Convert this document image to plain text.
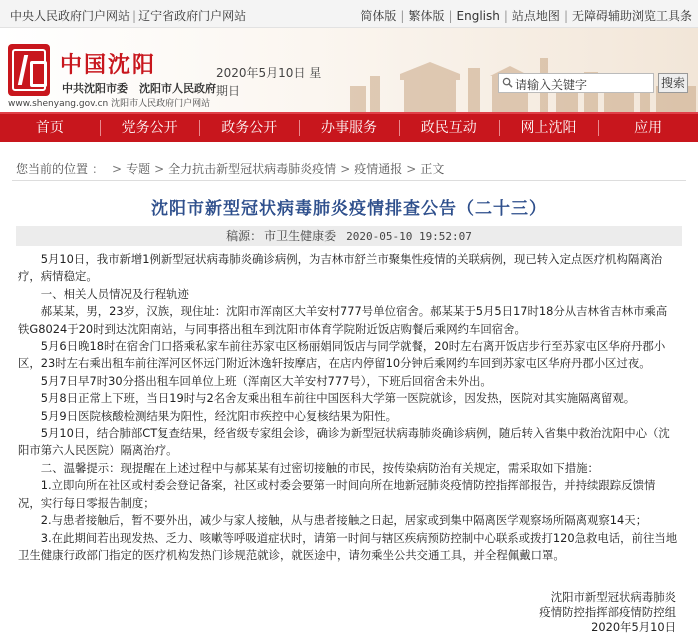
中央人民政府门户网站 | 辽宁省政府门户网站	简体版 | 繁体版 | English | 站点地图 | 无障碍辅助浏览工具条
中国沈阳
中共沈阳市委　沈阳市人民政府
www.shenyang.gov.cn 沈阳市人民政府门户网站
2020年5月10日 星期日	请输入关键字	搜索
首页	党务公开	政务公开	办事服务	政民互动	网上沈阳	应用
您当前的位置 ： > 专题 > 全力抗击新型冠状病毒肺炎疫情 > 疫情通报 > 正文
沈阳市新型冠状病毒肺炎疫情排查公告（二十三）
稿源： 市卫生健康委 2020-05-10 19:52:07

5月10日，我市新增1例新型冠状病毒肺炎确诊病例，为吉林市舒兰市聚集性疫情的关联病例，现已转入定点医疗机构隔离治疗，病情稳定。

一、相关人员情况及行程轨迹

郝某某，男，23岁，汉族，现住址：沈阳市浑南区大羊安村777号单位宿舍。郝某某于5月5日17时18分从吉林省吉林市乘高铁G8024于20时到达沈阳南站，与同事搭出租车到沈阳市体育学院附近饭店购餐后乘网约车回宿舍。

5月6日晚18时在宿舍门口搭乘私家车前往苏家屯区杨丽娟同饭店与同学就餐，20时左右离开饭店步行至苏家屯区华府丹郡小区，23时左右乘出租车前往浑河区怀远门附近沐逸轩按摩店，在店内停留10分钟后乘网约车回到苏家屯区华府丹郡小区过夜。

5月7日早7时30分搭出租车回单位上班（浑南区大羊安村777号），下班后回宿舍未外出。

5月8日正常上下班，当日19时与2名舍友乘出租车前往中国医科大学第一医院就诊，因发热，医院对其实施隔离留观。

5月9日医院核酸检测结果为阳性，经沈阳市疾控中心复核结果为阳性。

5月10日，结合肺部CT复查结果，经省级专家组会诊，确诊为新型冠状病毒肺炎确诊病例，随后转入省集中救治沈阳中心（沈阳市第六人民医院）隔离治疗。

二、温馨提示：现提醒在上述过程中与郝某某有过密切接触的市民，按传染病防治有关规定，需采取如下措施：

1.立即向所在社区或村委会登记备案，社区或村委会要第一时间向所在地新冠肺炎疫情防控指挥部报告，并持续跟踪反馈情况，实行每日零报告制度；

2.与患者接触后，暂不要外出，减少与家人接触，从与患者接触之日起，居家或到集中隔离医学观察场所隔离观察14天；

3.在此期间若出现发热、乏力、咳嗽等呼吸道症状时，请第一时间与辖区疾病预防控制中心联系或拨打120急救电话，前往当地卫生健康行政部门指定的医疗机构发热门诊规范就诊，就医途中，请勿乘坐公共交通工具，并全程佩戴口罩。

沈阳市新型冠状病毒肺炎
疫情防控指挥部疫情防控组
2020年5月10日
